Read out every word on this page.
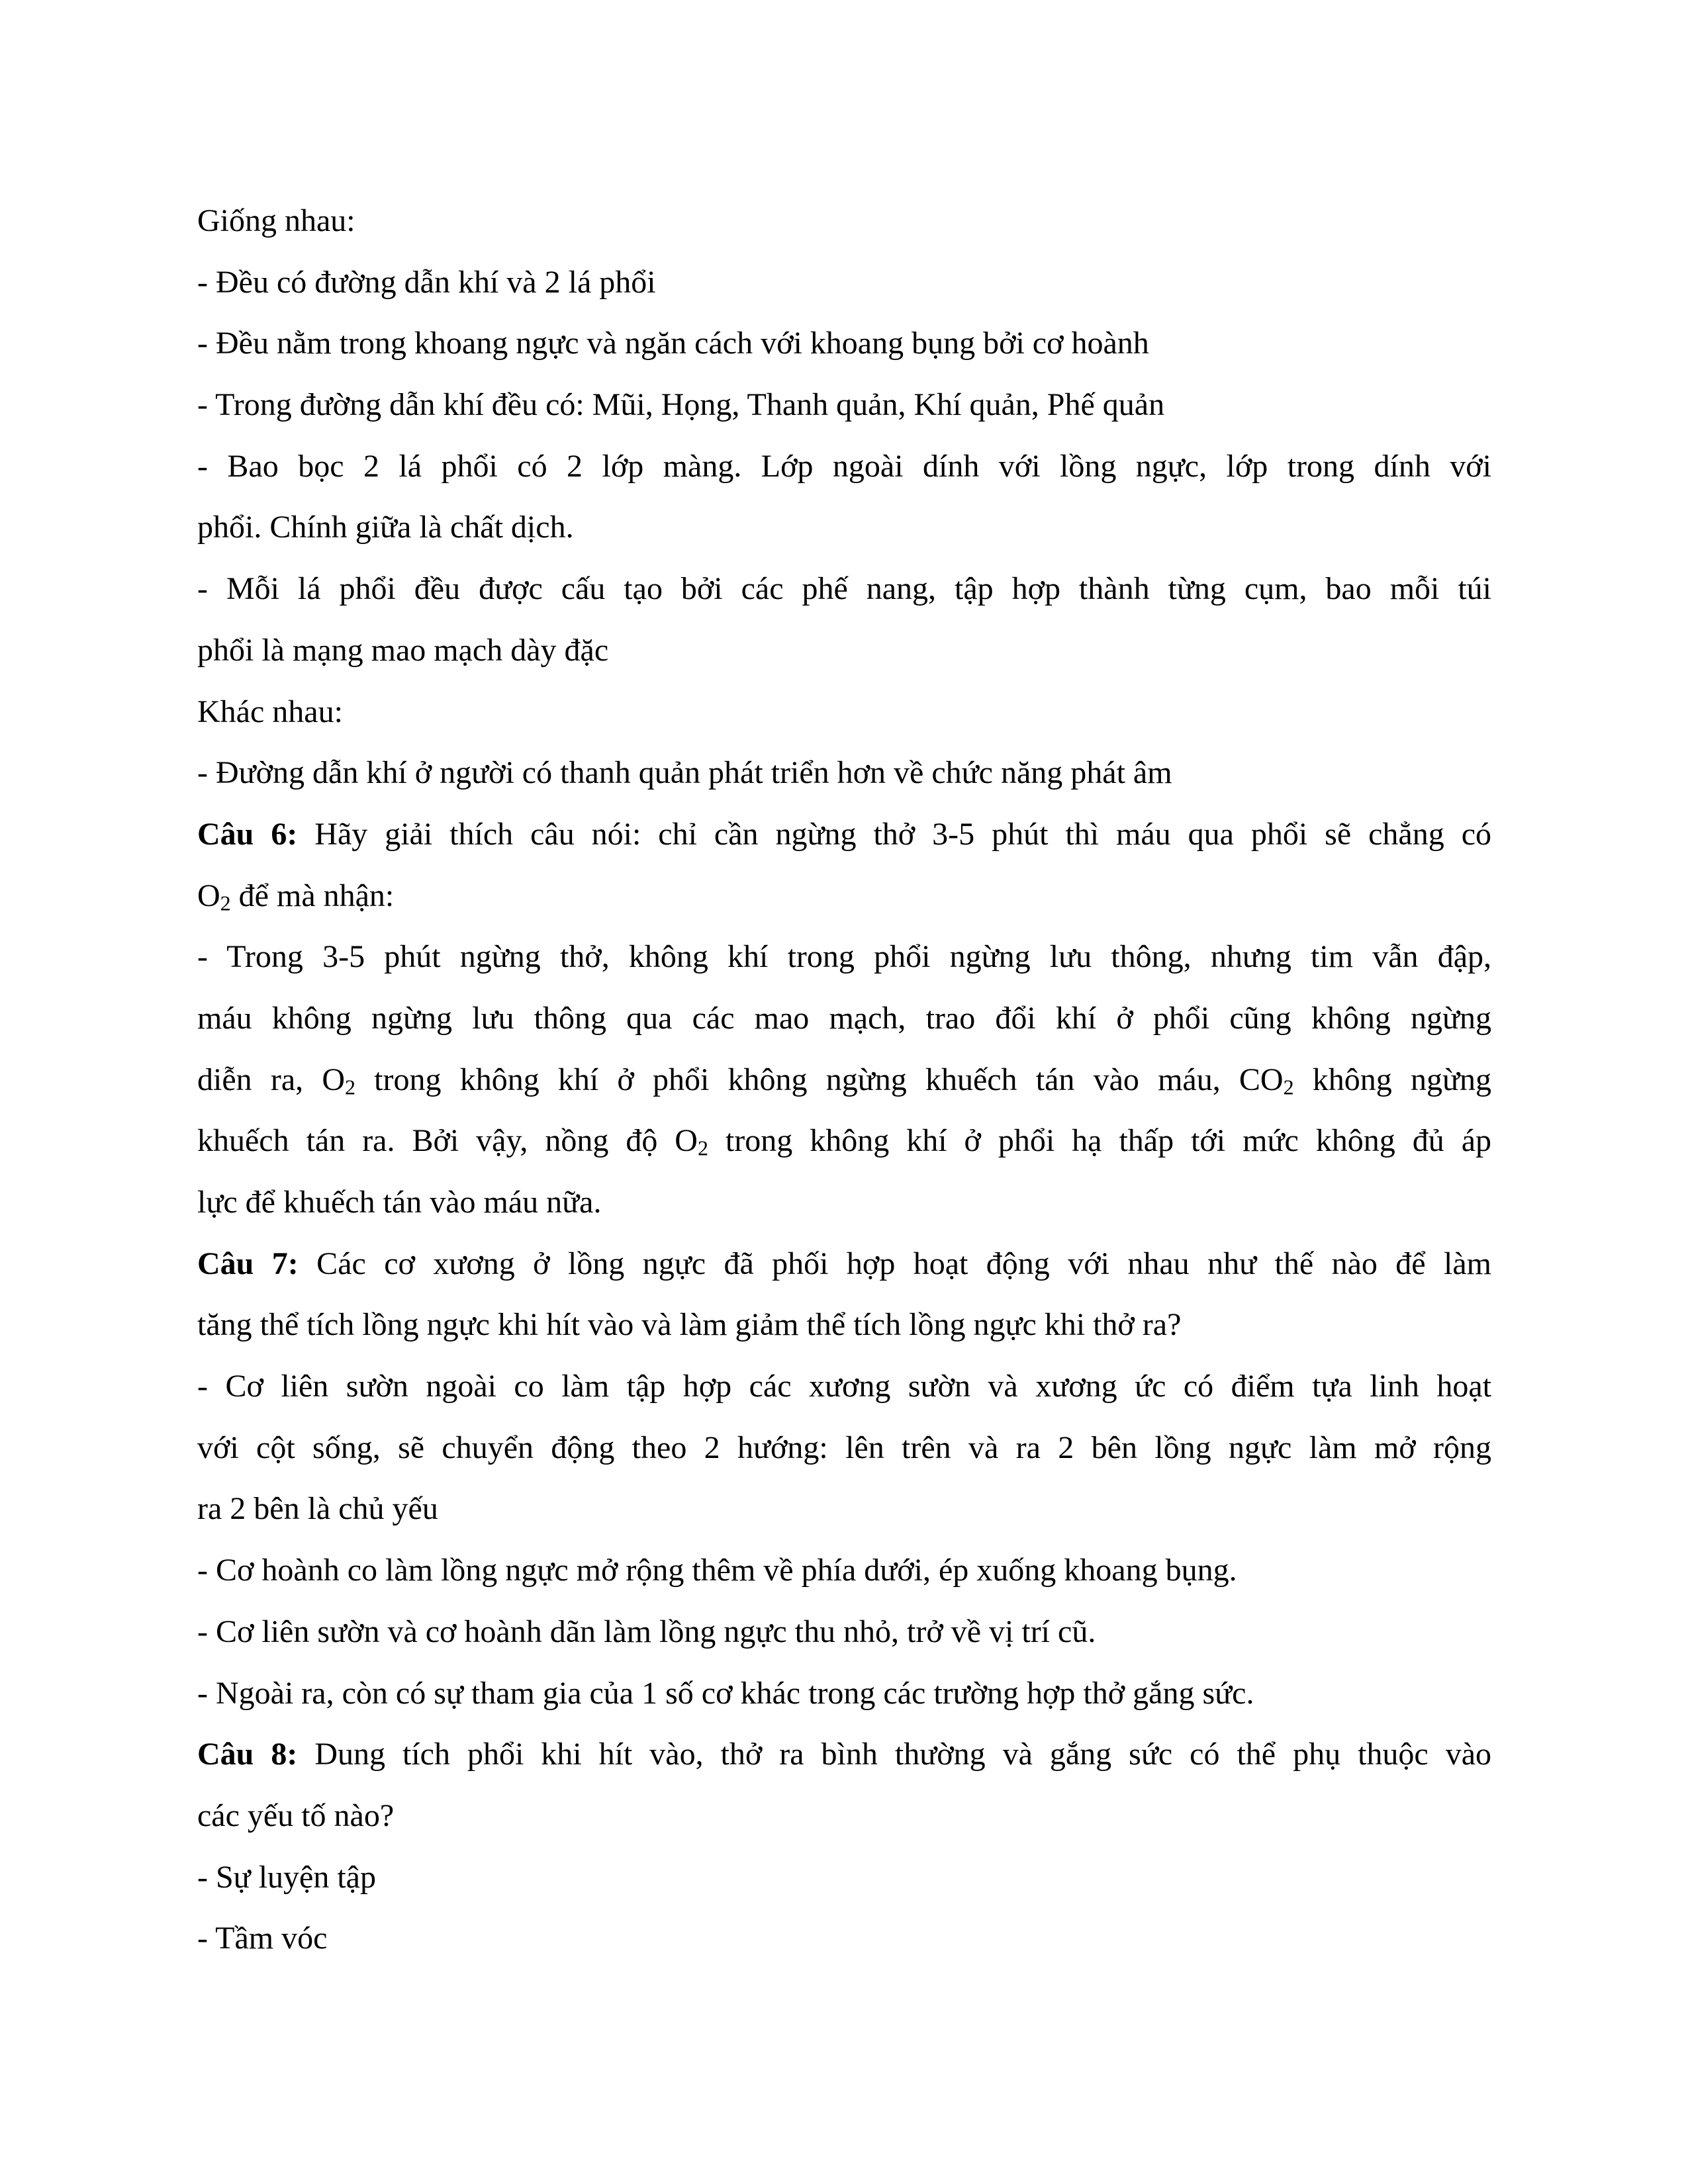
Giống nhau:
- Đều có đường dẫn khí và 2 lá phổi
- Đều nằm trong khoang ngực và ngăn cách với khoang bụng bởi cơ hoành
- Trong đường dẫn khí đều có: Mũi, Họng, Thanh quản, Khí quản, Phế quản
- Bao bọc 2 lá phổi có 2 lớp màng. Lớp ngoài dính với lồng ngực, lớp trong dính với
phổi. Chính giữa là chất dịch.
- Mỗi lá phổi đều được cấu tạo bởi các phế nang, tập hợp thành từng cụm, bao mỗi túi
phổi là mạng mao mạch dày đặc
Khác nhau:
- Đường dẫn khí ở người có thanh quản phát triển hơn về chức năng phát âm
Câu 6: Hãy giải thích câu nói: chỉ cần ngừng thở 3-5 phút thì máu qua phổi sẽ chẳng có
$O_2$ để mà nhận:
- Trong 3-5 phút ngừng thở, không khí trong phổi ngừng lưu thông, nhưng tim vẫn đập,
máu không ngừng lưu thông qua các mao mạch, trao đổi khí ở phổi cũng không ngừng
diễn ra, $O_2$ trong không khí ở phổi không ngừng khuếch tán vào máu, $CO_2$ không ngừng
khuếch tán ra. Bởi vậy, nồng độ $O_2$ trong không khí ở phổi hạ thấp tới mức không đủ áp
lực để khuếch tán vào máu nữa.
Câu 7: Các cơ xương ở lồng ngực đã phối hợp hoạt động với nhau như thế nào để làm
tăng thể tích lồng ngực khi hít vào và làm giảm thể tích lồng ngực khi thở ra?
- Cơ liên sườn ngoài co làm tập hợp các xương sườn và xương ức có điểm tựa linh hoạt
với cột sống, sẽ chuyển động theo 2 hướng: lên trên và ra 2 bên lồng ngực làm mở rộng
ra 2 bên là chủ yếu
- Cơ hoành co làm lồng ngực mở rộng thêm về phía dưới, ép xuống khoang bụng.
- Cơ liên sườn và cơ hoành dãn làm lồng ngực thu nhỏ, trở về vị trí cũ.
- Ngoài ra, còn có sự tham gia của 1 số cơ khác trong các trường hợp thở gắng sức.
Câu 8: Dung tích phổi khi hít vào, thở ra bình thường và gắng sức có thể phụ thuộc vào
các yếu tố nào?
- Sự luyện tập
- Tầm vóc
